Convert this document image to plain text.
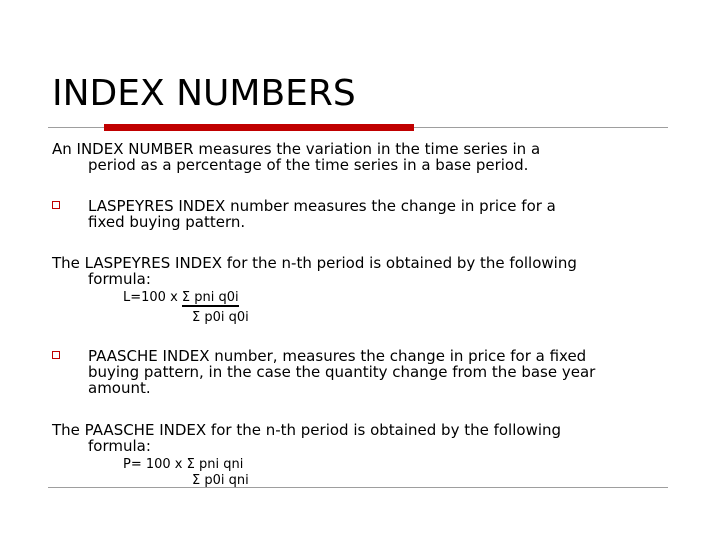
INDEX NUMBERS
An INDEX NUMBER measures the variation in the time series in a
period as a percentage of the time series in a base period.
LASPEYRES INDEX number measures the change in price for a
fixed buying pattern.
The LASPEYRES INDEX for the n-th period is obtained by the following
formula:
L=100 x Σ pni q0i
Σ p0i q0i
PAASCHE INDEX number, measures the change in price for a fixed
buying pattern, in the case the quantity change from the base year
amount.
The PAASCHE INDEX for the n-th period is obtained by the following
formula:
P= 100 x Σ pni qni
Σ p0i qni
